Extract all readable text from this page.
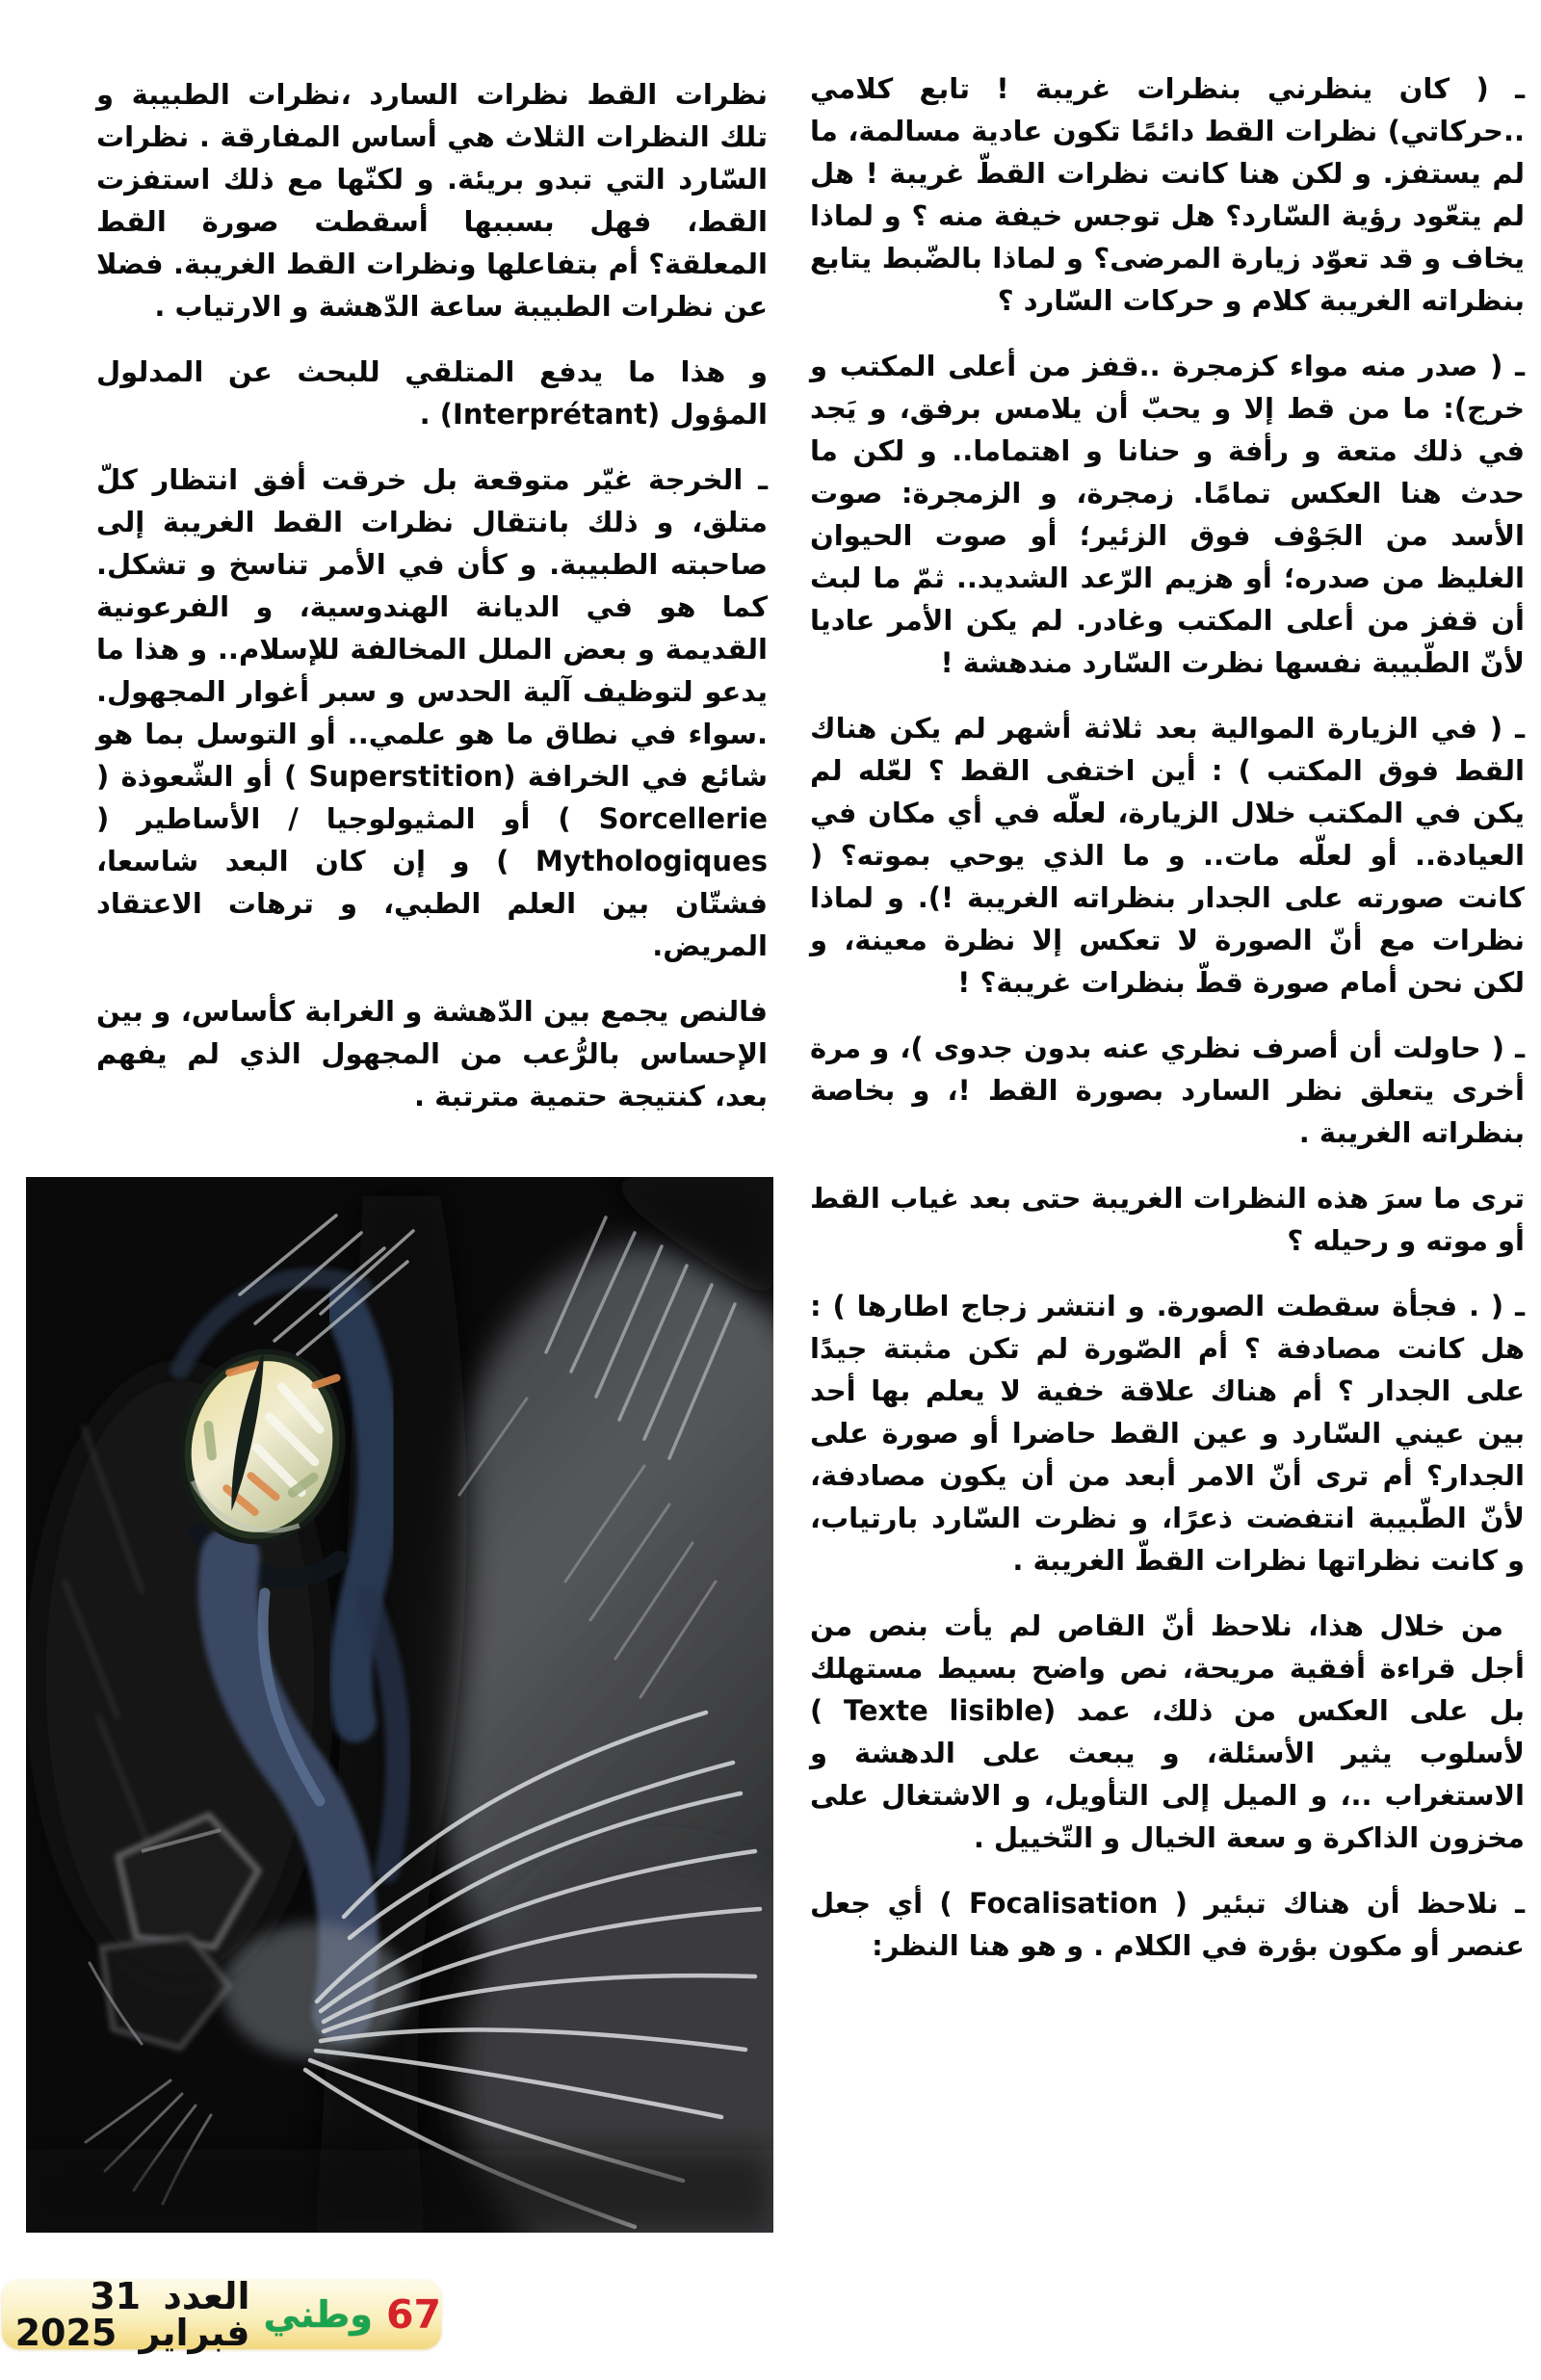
ـ ( كان ينظرني بنظرات غريبة ! تابع كلامي ..حركاتي) نظرات القط دائمًا تكون عادية مسالمة، ما لم يستفز. و لكن هنا كانت نظرات القطّ غريبة ! هل لم يتعّود رؤية السّارد؟ هل توجس خيفة منه ؟ و لماذا يخاف و قد تعوّد زيارة المرضى؟ و لماذا بالضّبط يتابع بنظراته الغريبة كلام و حركات السّارد ؟

ـ ( صدر منه مواء كزمجرة ..قفز من أعلى المكتب و خرج): ما من قط إلا و يحبّ أن يلامس برفق، و يَجد في ذلك متعة و رأفة و حنانا و اهتماما.. و لكن ما حدث هنا العكس تمامًا. زمجرة، و الزمجرة: صوت الأسد من الجَوْف فوق الزئير؛ أو صوت الحيوان الغليظ من صدره؛ أو هزيم الرّعد الشديد.. ثمّ ما لبث أن قفز من أعلى المكتب وغادر. لم يكن الأمر عاديا لأنّ الطّبيبة نفسها نظرت السّارد مندهشة !

ـ ( في الزيارة الموالية بعد ثلاثة أشهر لم يكن هناك القط فوق المكتب ) : أين اختفى القط ؟ لعّله لم يكن في المكتب خلال الزيارة، لعلّه في أي مكان في العيادة.. أو لعلّه مات.. و ما الذي يوحي بموته؟ ( كانت صورته على الجدار بنظراته الغريبة !). و لماذا نظرات مع أنّ الصورة لا تعكس إلا نظرة معينة، و لكن نحن أمام صورة قطّ بنظرات غريبة؟ !

ـ ( حاولت أن أصرف نظري عنه بدون جدوى )، و مرة أخرى يتعلق نظر السارد بصورة القط !، و بخاصة بنظراته الغريبة .

ترى ما سرَ هذه النظرات الغريبة حتى بعد غياب القط أو موته و رحيله ؟

ـ ( . فجأة سقطت الصورة. و انتشر زجاج اطارها ) : هل كانت مصادفة ؟ أم الصّورة لم تكن مثبتة جيدًا على الجدار ؟ أم هناك علاقة خفية لا يعلم بها أحد بين عيني السّارد و عين القط حاضرا أو صورة على الجدار؟ أم ترى أنّ الامر أبعد من أن يكون مصادفة، لأنّ الطّبيبة انتفضت ذعرًا، و نظرت السّارد بارتياب، و كانت نظراتها نظرات القطّ الغريبة .

من خلال هذا، نلاحظ أنّ القاص لم يأت بنص من أجل قراءة أفقية مريحة، نص واضح بسيط مستهلك بل على العكس من ذلك، عمد (Texte lisible ) لأسلوب يثير الأسئلة، و يبعث على الدهشة و الاستغراب ..، و الميل إلى التأويل، و الاشتغال على مخزون الذاكرة و سعة الخيال و التّخييل .

ـ نلاحظ أن هناك تبئير ( Focalisation ) أي جعل عنصر أو مكون بؤرة في الكلام . و هو هنا النظر:

نظرات القط نظرات السارد ،نظرات الطبيبة و تلك النظرات الثلاث هي أساس المفارقة . نظرات السّارد التي تبدو بريئة. و لكنّها مع ذلك استفزت القط، فهل بسببها أسقطت صورة القط المعلقة؟ أم بتفاعلها ونظرات القط الغريبة. فضلا عن نظرات الطبيبة ساعة الدّهشة و الارتياب .

و هذا ما يدفع المتلقي للبحث عن المدلول المؤول (Interprétant) .

ـ الخرجة غيّر متوقعة بل خرقت أفق انتظار كلّ متلق، و ذلك بانتقال نظرات القط الغريبة إلى صاحبته الطبيبة. و كأن في الأمر تناسخ و تشكل. كما هو في الديانة الهندوسية، و الفرعونية القديمة و بعض الملل المخالفة للإسلام.. و هذا ما يدعو لتوظيف آلية الحدس و سبر أغوار المجهول. .سواء في نطاق ما هو علمي.. أو التوسل بما هو شائع في الخرافة (Superstition ) أو الشّعوذة ( Sorcellerie ) أو المثيولوجيا / الأساطير ( Mythologiques ) و إن كان البعد شاسعا، فشتّان بين العلم الطبي، و ترهات الاعتقاد المريض.

فالنص يجمع بين الدّهشة و الغرابة كأساس، و بين الإحساس بالرُّعب من المجهول الذي لم يفهم بعد، كنتيجة حتمية مترتبة .

67
وطني
العدد 31 فبراير 2025
